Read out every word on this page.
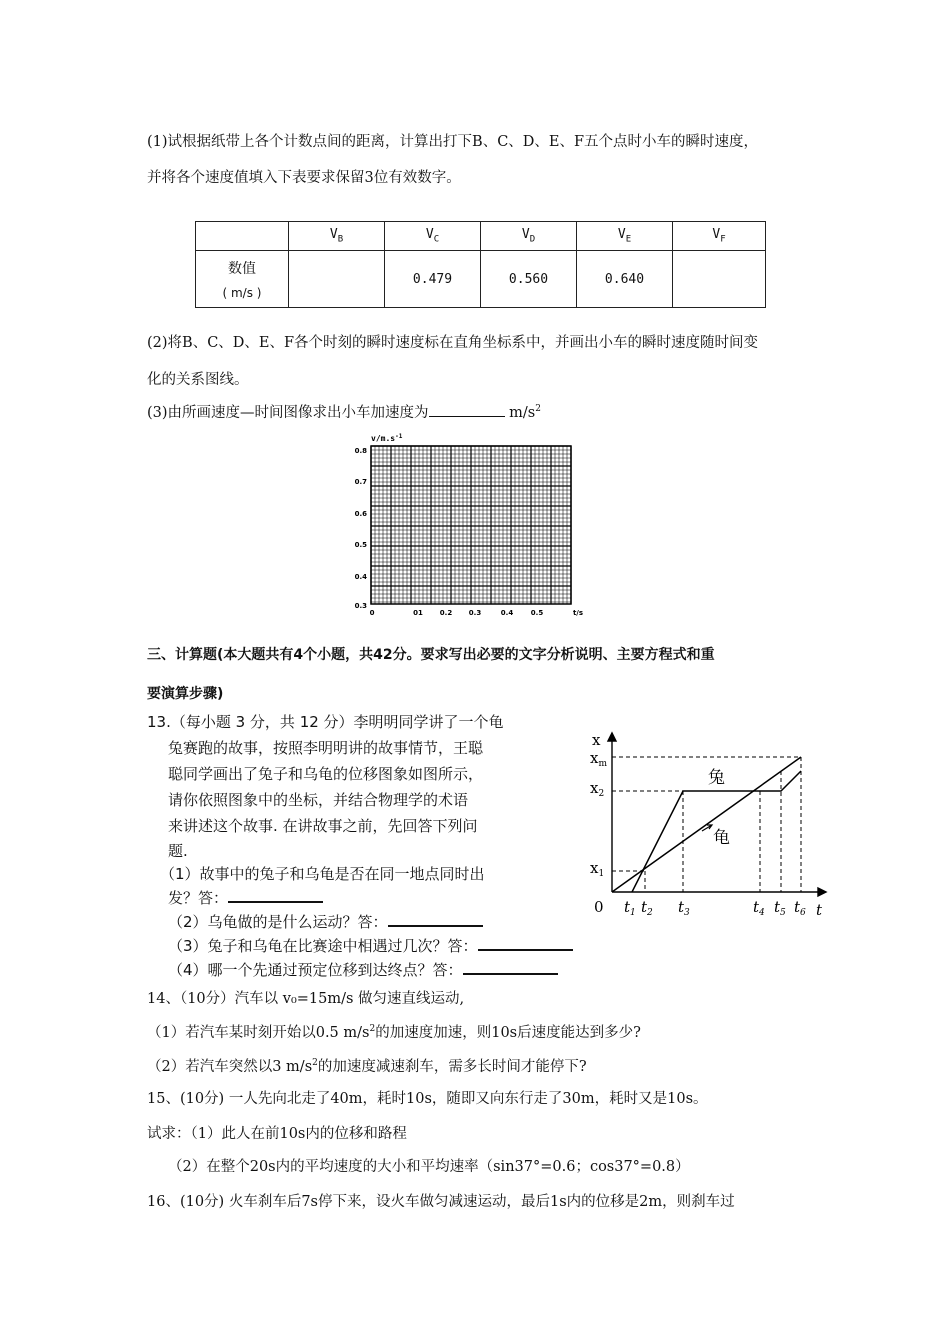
(1)试根据纸带上各个计数点间的距离，计算出打下B、C、D、E、F五个点时小车的瞬时速度，
并将各个速度值填入下表要求保留3位有效数字。
	$V_B$	$V_C$	$V_D$	$V_E$	$V_F$

数值
( m/s )		0.479	0.560	0.640	
(2)将B、C、D、E、F各个时刻的瞬时速度标在直角坐标系中，并画出小车的瞬时速度随时间变
化的关系图线。
(3)由所画速度—时间图像求出小车加速度为	$m/s^2$
$v/m.s^{-1}$
0.8
0.7
0.6
0.5
0.4
0.3
0	01 0.2 0.3	0.4	0.5	t/s
三、计算题(本大题共有4个小题，共42分。要求写出必要的文字分析说明、主要方程式和重
要演算步骤)
13.（每小题 3 分，共 12 分）李明明同学讲了一个龟
兔赛跑的故事，按照李明明讲的故事情节，王聪
聪同学画出了兔子和乌龟的位移图象如图所示，
请你依照图象中的坐标，并结合物理学的术语
来讲述这个故事. 在讲故事之前，先回答下列问
题.
（1）故事中的兔子和乌龟是否在同一地点同时出
发？答：
（2）乌龟做的是什么运动？答：
（3）兔子和乌龟在比赛途中相遇过几次？答：
（4）哪一个先通过预定位移到达终点？答：
x
t
0
$x_m$
$x_2$
$x_1$
$t_1$ $t_2$ $t_3$	$t_4$ $t_5$ $t_6$
兔
龟
14、（10分）汽车以 v₀=15m/s 做匀速直线运动,
（1）若汽车某时刻开始以0.5 $m/s^2$的加速度加速，则10s后速度能达到多少?
（2）若汽车突然以3 $m/s^2$的加速度减速刹车，需多长时间才能停下?
15、(10分) 一人先向北走了40m，耗时10s，随即又向东行走了30m，耗时又是10s。
试求：（1）此人在前10s内的位移和路程
（2）在整个20s内的平均速度的大小和平均速率（sin37°=0.6；cos37°=0.8）
16、(10分) 火车刹车后7s停下来，设火车做匀减速运动，最后1s内的位移是2m，则刹车过
